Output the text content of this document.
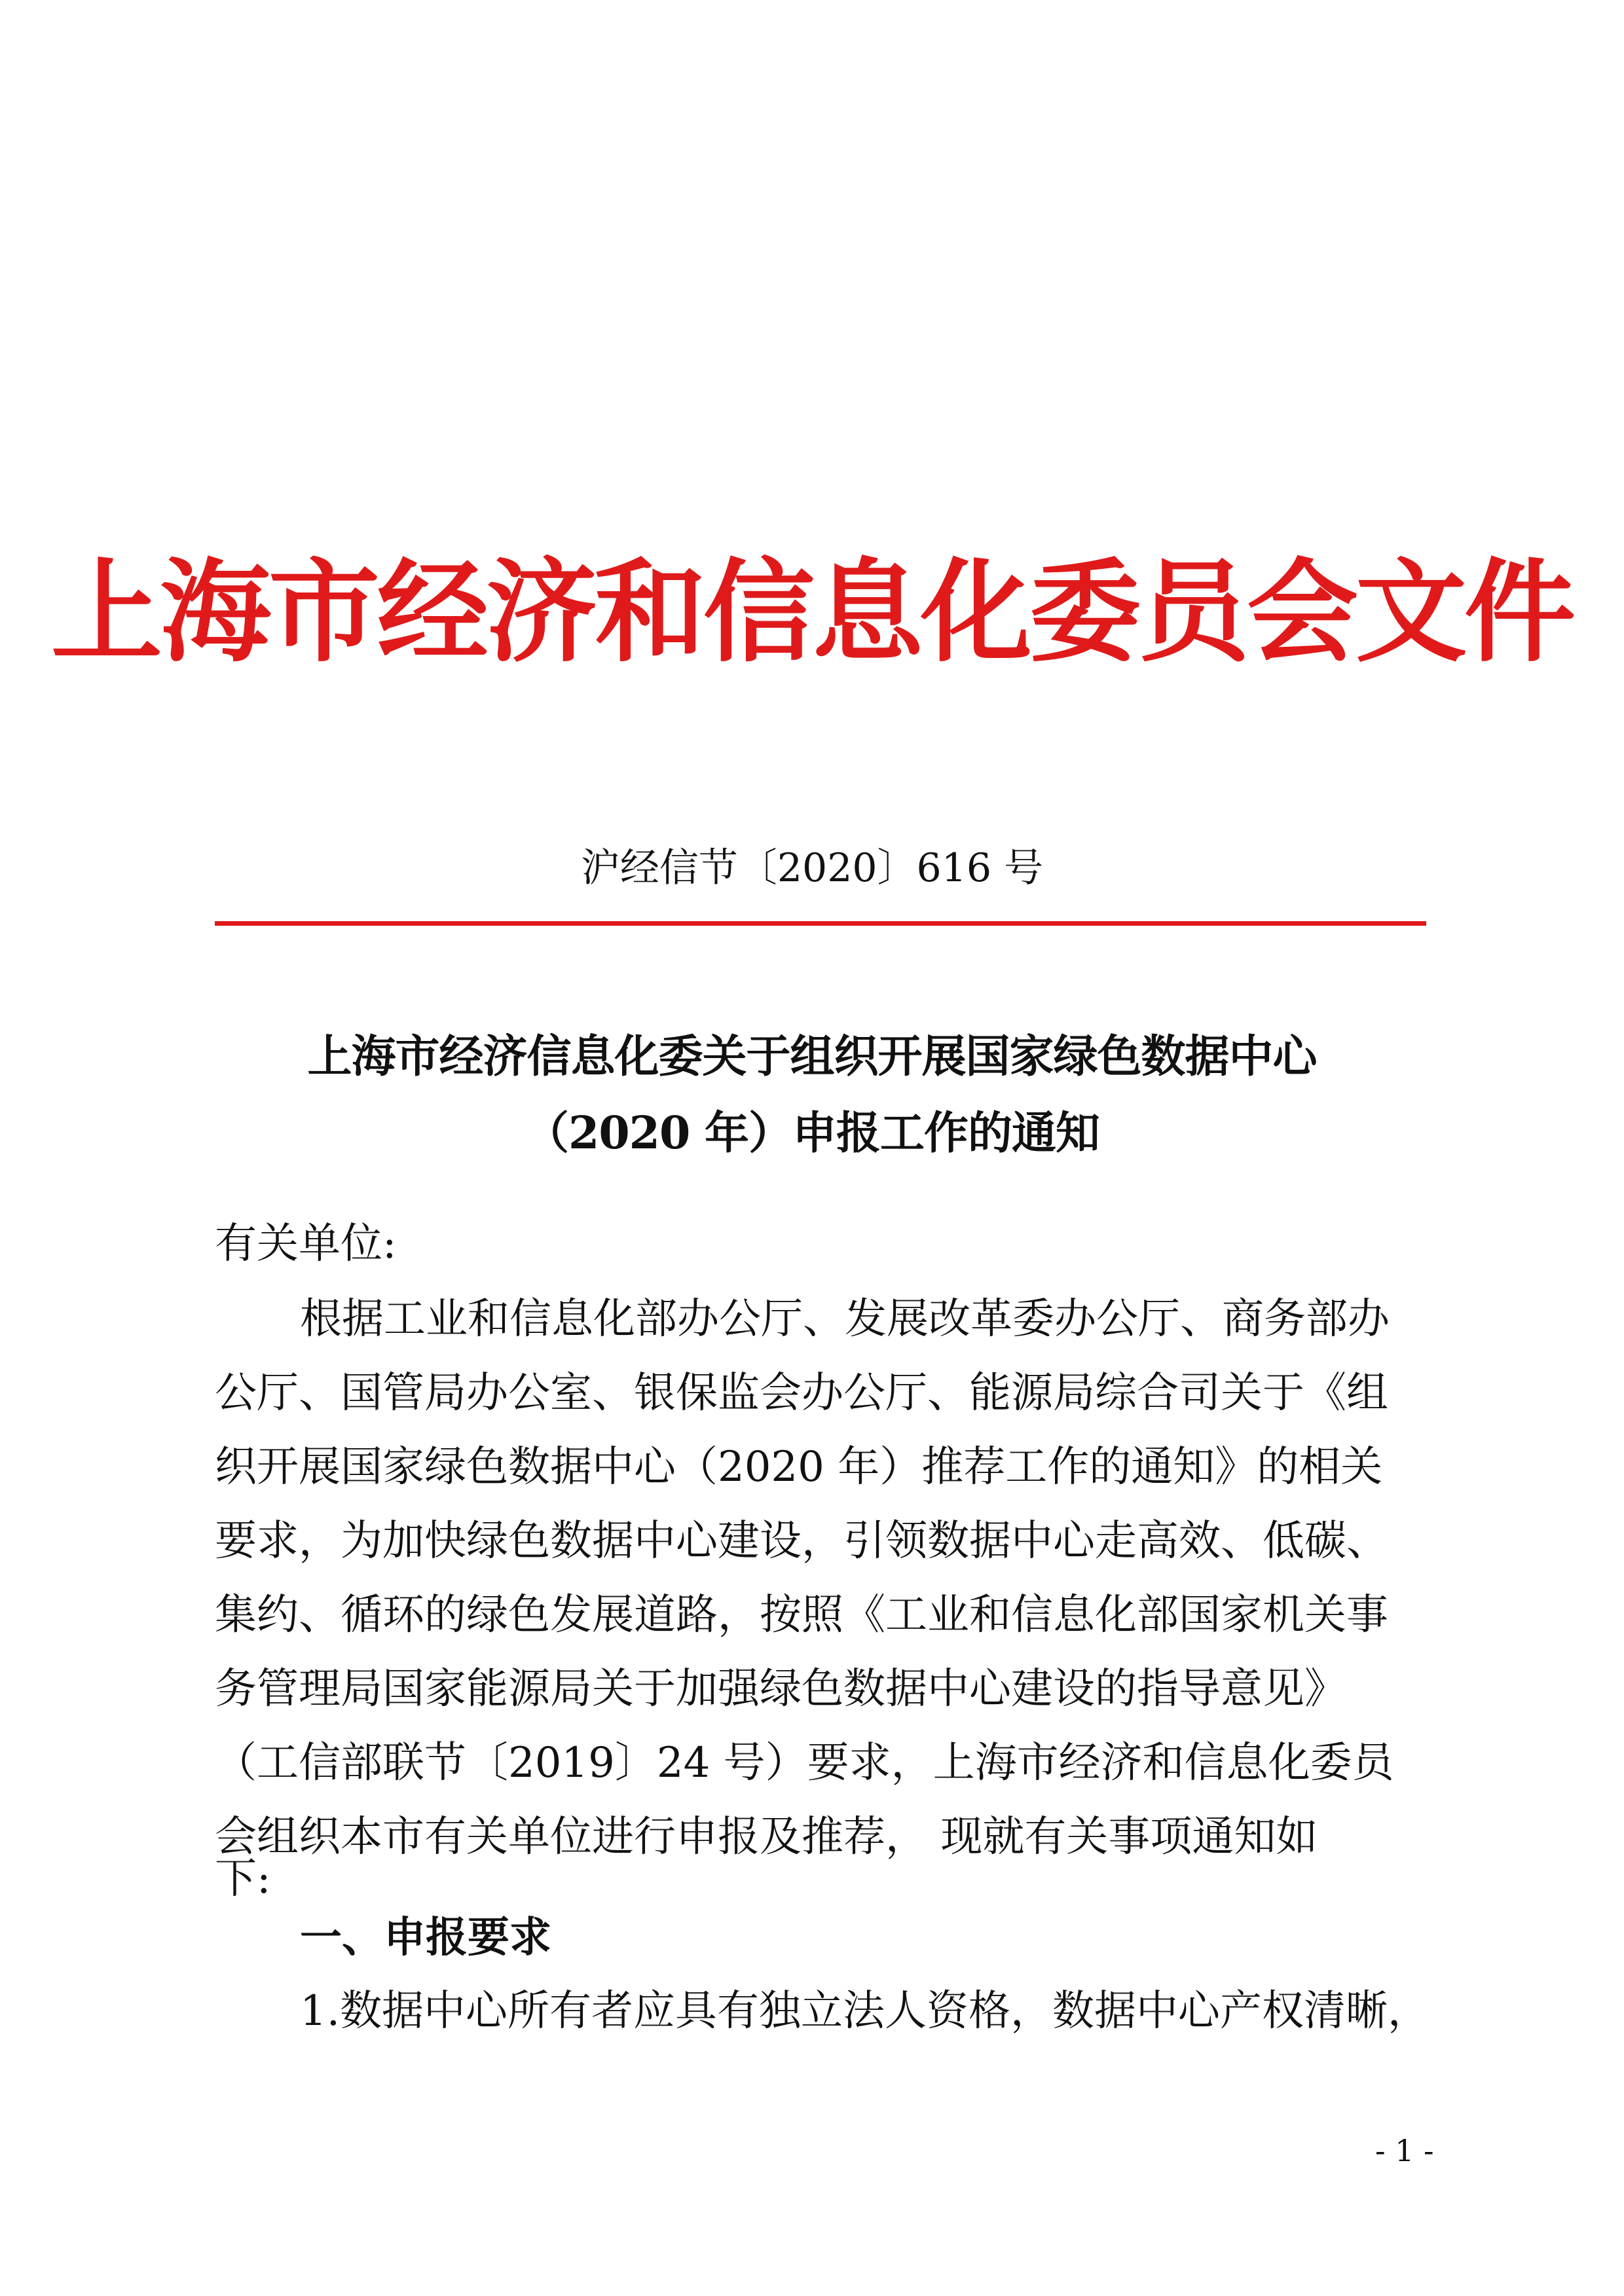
上海市经济和信息化委员会文件
沪经信节〔2020〕616 号
上海市经济信息化委关于组织开展国家绿色数据中心
（2020 年）申报工作的通知
有关单位:
根据工业和信息化部办公厅、发展改革委办公厅、商务部办
公厅、国管局办公室、银保监会办公厅、能源局综合司关于《组
织开展国家绿色数据中心（2020 年）推荐工作的通知》的相关
要求，为加快绿色数据中心建设，引领数据中心走高效、低碳、
集约、循环的绿色发展道路，按照《工业和信息化部国家机关事
务管理局国家能源局关于加强绿色数据中心建设的指导意见》
（工信部联节〔2019〕24 号）要求，上海市经济和信息化委员
会组织本市有关单位进行申报及推荐， 现就有关事项通知如
下:
一、申报要求
1.数据中心所有者应具有独立法人资格，数据中心产权清晰，
- 1 -
